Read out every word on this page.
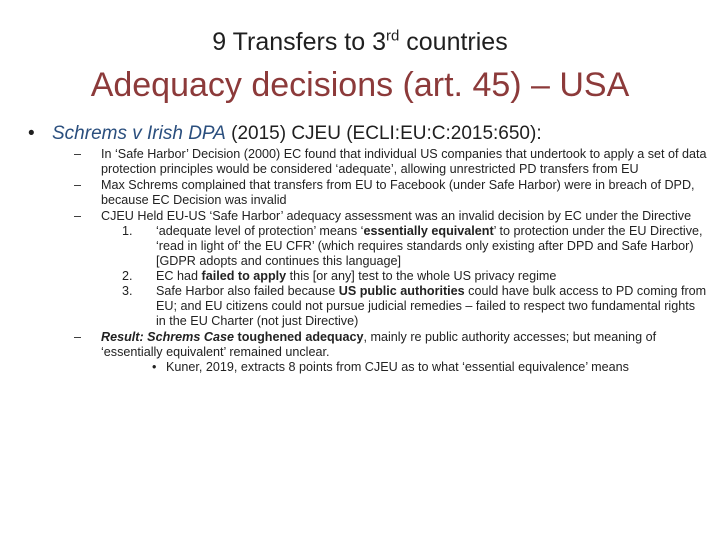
9 Transfers to 3rd countries
Adequacy decisions (art. 45) – USA
• Schrems v Irish DPA (2015) CJEU (ECLI:EU:C:2015:650):
– In ‘Safe Harbor’ Decision (2000) EC found that individual US companies that undertook to apply a set of data protection principles would be considered ‘adequate’, allowing unrestricted PD transfers from EU
– Max Schrems complained that transfers from EU to Facebook (under Safe Harbor) were in breach of DPD, because EC Decision was invalid
– CJEU Held EU-US ‘Safe Harbor’ adequacy assessment was an invalid decision by EC under the Directive
1. ‘adequate level of protection’ means ‘essentially equivalent’ to protection under the EU Directive, ‘read in light of’ the EU CFR’ (which requires standards only existing after DPD and Safe Harbor) [GDPR adopts and continues this language]
2. EC had failed to apply this [or any] test to the whole US privacy regime
3. Safe Harbor also failed because US public authorities could have bulk access to PD coming from EU; and EU citizens could not pursue judicial remedies – failed to respect two fundamental rights in the EU Charter (not just Directive)
– Result: Schrems Case toughened adequacy, mainly re public authority accesses; but meaning of ‘essentially equivalent’ remained unclear.
• Kuner, 2019, extracts 8 points from CJEU as to what ‘essential equivalence’ means
